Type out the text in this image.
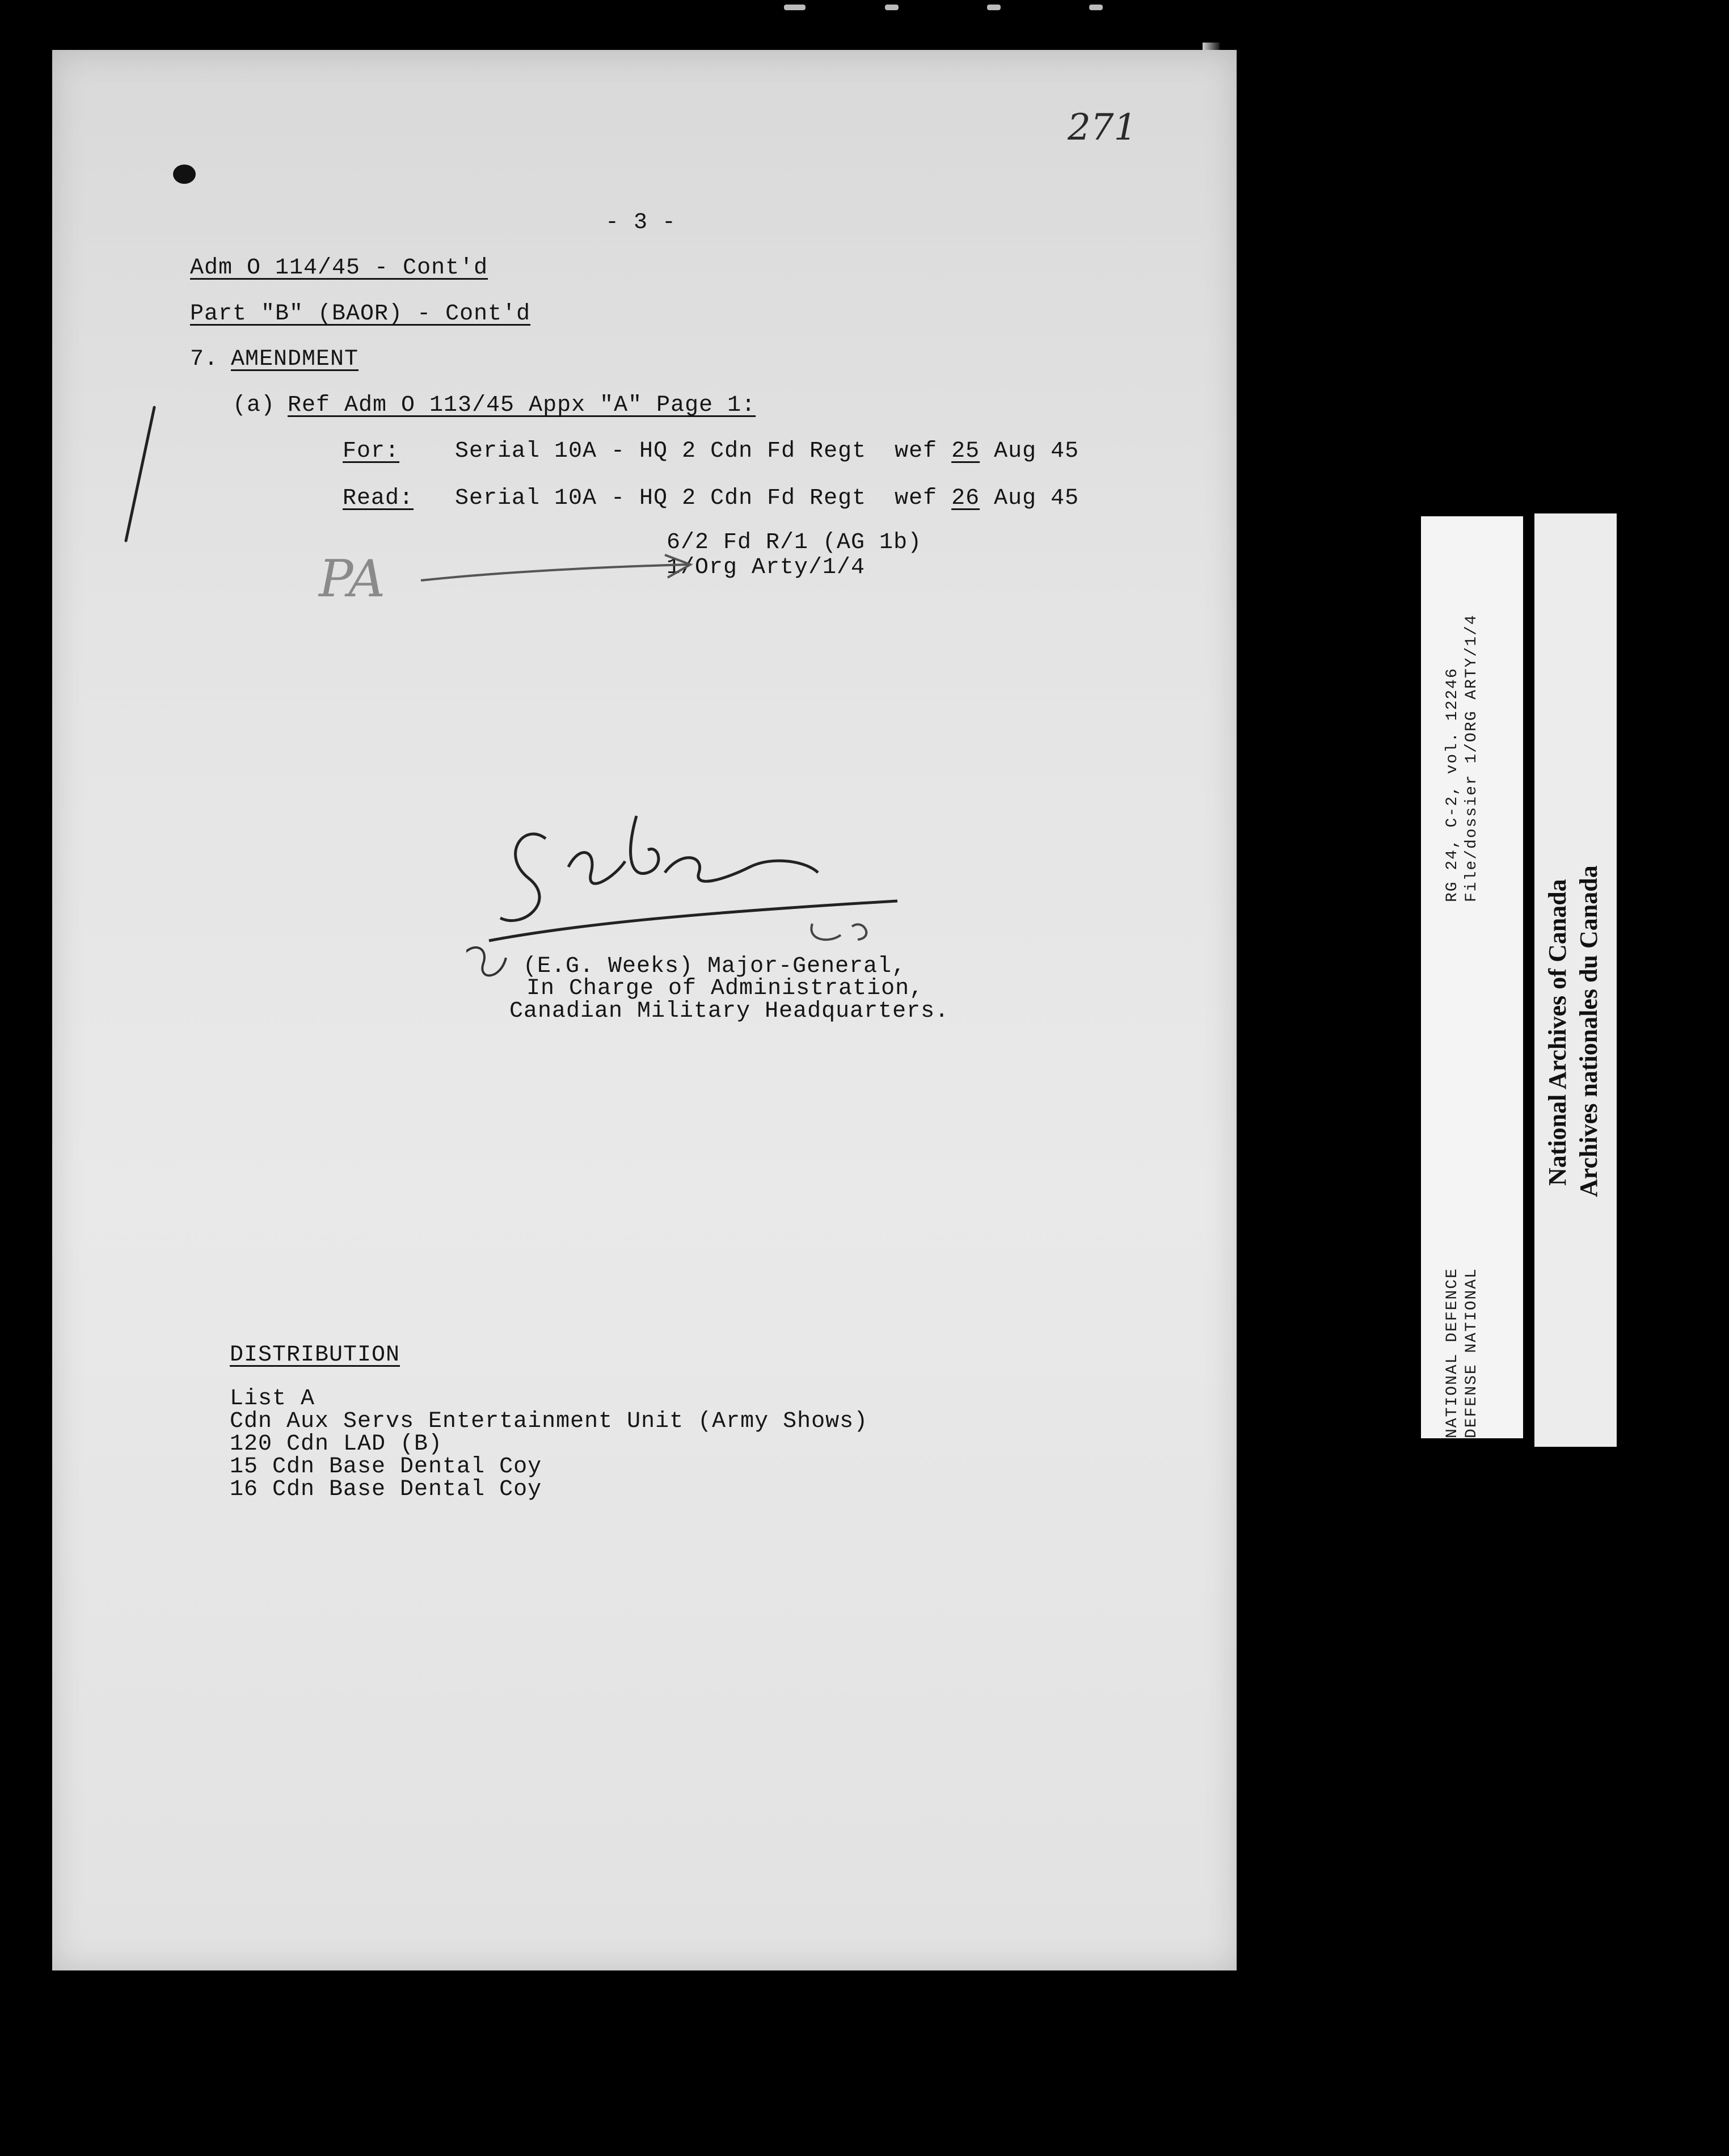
271
- 3 -
Adm O 114/45 - Cont'd
Part "B" (BAOR) - Cont'd
7. AMENDMENT
(a) Ref Adm O 113/45 Appx "A" Page 1:
For: Serial 10A - HQ 2 Cdn Fd Regt  wef 25 Aug 45
Read: Serial 10A - HQ 2 Cdn Fd Regt  wef 26 Aug 45
6/2 Fd R/1 (AG 1b)
1/Org Arty/1/4
PA
(E.G. Weeks) Major-General,
In Charge of Administration,
Canadian Military Headquarters.
DISTRIBUTION
List A
Cdn Aux Servs Entertainment Unit (Army Shows)
120 Cdn LAD (B)
15 Cdn Base Dental Coy
16 Cdn Base Dental Coy
RG 24, C-2, vol. 12246 File/dossier 1/ORG ARTY/1/4
NATIONAL DEFENCE DEFENSE NATIONAL
National Archives of Canada Archives nationales du Canada
